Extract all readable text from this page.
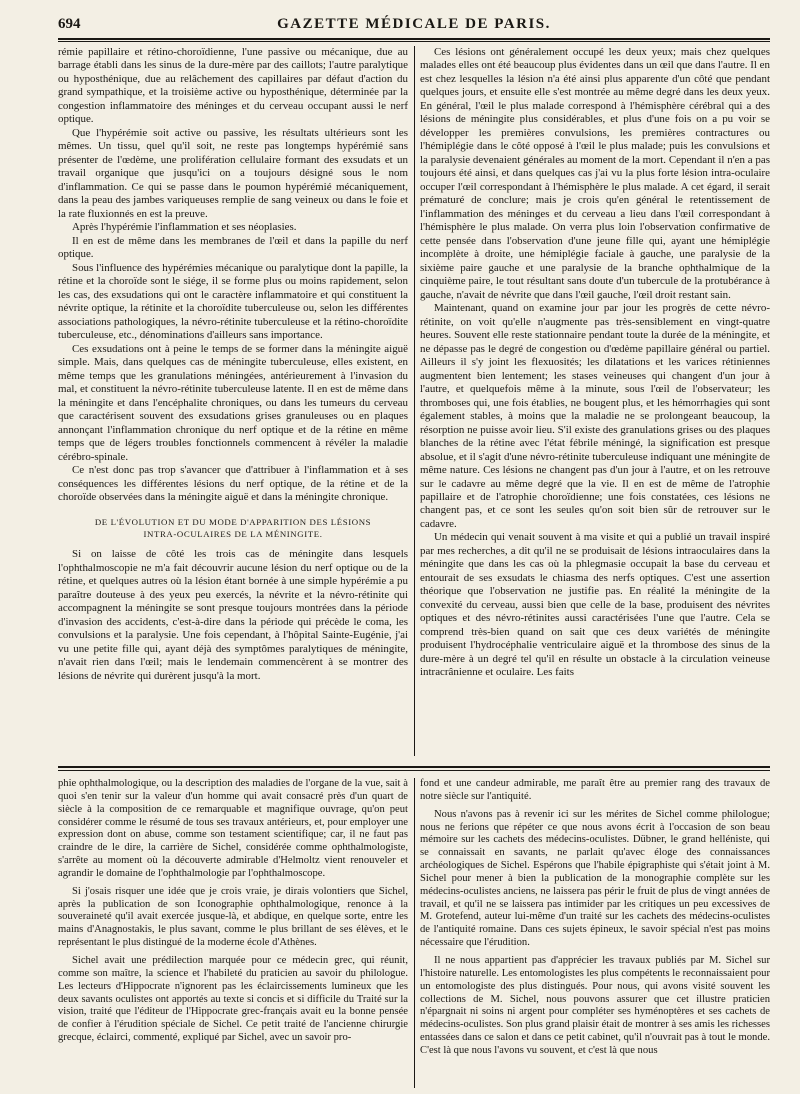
694	GAZETTE MÉDICALE DE PARIS.

rémie papillaire et rétino-choroïdienne, l'une passive ou mécanique, due au barrage établi dans les sinus de la dure-mère par des caillots; l'autre paralytique ou hyposthénique, due au relâchement des capillaires par défaut d'action du grand sympathique, et la troisième active ou hyposthénique, déterminée par la congestion inflammatoire des méninges et du cerveau occupant aussi le nerf optique.

Que l'hypérémie soit active ou passive, les résultats ultérieurs sont les mêmes. Un tissu, quel qu'il soit, ne reste pas longtemps hypérémié sans présenter de l'œdème, une prolifération cellulaire formant des exsudats et un travail organique que jusqu'ici on a toujours désigné sous le nom d'inflammation. Ce qui se passe dans le poumon hypérémié mécaniquement, dans la peau des jambes variqueuses remplie de sang veineux ou dans le foie et la rate fluxionnés en est la preuve.

Après l'hypérémie l'inflammation et ses néoplasies.

Il en est de même dans les membranes de l'œil et dans la papille du nerf optique.

Sous l'influence des hypérémies mécanique ou paralytique dont la papille, la rétine et la choroïde sont le siége, il se forme plus ou moins rapidement, selon les cas, des exsudations qui ont le caractère inflammatoire et qui constituent la névrite optique, la rétinite et la choroïdite tuberculeuse ou, selon les différentes associations pathologiques, la névro-rétinite tuberculeuse et la rétino-choroïdite tuberculeuse, etc., dénominations d'ailleurs sans importance.

Ces exsudations ont à peine le temps de se former dans la méningite aiguë simple. Mais, dans quelques cas de méningite tuberculeuse, elles existent, en même temps que les granulations méningées, antérieurement à l'invasion du mal, et constituent la névro-rétinite tuberculeuse latente. Il en est de même dans la méningite et dans l'encéphalite chroniques, ou dans les tumeurs du cerveau que caractérisent souvent des exsudations grises granuleuses ou en plaques annonçant l'inflammation chronique du nerf optique et de la rétine en même temps que de légers troubles fonctionnels commencent à révéler la maladie cérébro-spinale.

Ce n'est donc pas trop s'avancer que d'attribuer à l'inflammation et à ses conséquences les différentes lésions du nerf optique, de la rétine et de la choroïde observées dans la méningite aiguë et dans la méningite chronique.

DE L'ÉVOLUTION ET DU MODE D'APPARITION DES LÉSIONS
INTRA-OCULAIRES DE LA MÉNINGITE.

Si on laisse de côté les trois cas de méningite dans lesquels l'ophthalmoscopie ne m'a fait découvrir aucune lésion du nerf optique ou de la rétine, et quelques autres où la lésion étant bornée à une simple hypérémie a pu paraître douteuse à des yeux peu exercés, la névrite et la névro-rétinite qui accompagnent la méningite se sont presque toujours montrées dans la période d'invasion des accidents, c'est-à-dire dans la période qui précède le coma, les convulsions et la paralysie. Une fois cependant, à l'hôpital Sainte-Eugénie, j'ai vu une petite fille qui, ayant déjà des symptômes paralytiques de méningite, n'avait rien dans l'œil; mais le lendemain commencèrent à se montrer des lésions de névrite qui durèrent jusqu'à la mort.

Ces lésions ont généralement occupé les deux yeux; mais chez quelques malades elles ont été beaucoup plus évidentes dans un œil que dans l'autre. Il en est chez lesquelles la lésion n'a été ainsi plus apparente d'un côté que pendant quelques jours, et ensuite elle s'est montrée au même degré dans les deux yeux. En général, l'œil le plus malade correspond à l'hémisphère cérébral qui a des lésions de méningite plus considérables, et plus d'une fois on a pu voir se développer les premières convulsions, les premières contractures ou l'hémiplégie dans le côté opposé à l'œil le plus malade; puis les convulsions et la paralysie devenaient générales au moment de la mort. Cependant il n'en a pas toujours été ainsi, et dans quelques cas j'ai vu la plus forte lésion intra-oculaire occuper l'œil correspondant à l'hémisphère le plus malade. A cet égard, il serait prématuré de conclure; mais je crois qu'en général le retentissement de l'inflammation des méninges et du cerveau a lieu dans l'œil correspondant à l'hémisphère le plus malade. On verra plus loin l'observation confirmative de cette pensée dans l'observation d'une jeune fille qui, ayant une hémiplégie incomplète à droite, une hémiplégie faciale à gauche, une paralysie de la sixième paire gauche et une paralysie de la branche ophthalmique de la cinquième paire, le tout résultant sans doute d'un tubercule de la protubérance à gauche, n'avait de névrite que dans l'œil gauche, l'œil droit restant sain.

Maintenant, quand on examine jour par jour les progrès de cette névro-rétinite, on voit qu'elle n'augmente pas très-sensiblement en vingt-quatre heures. Souvent elle reste stationnaire pendant toute la durée de la méningite, et ne dépasse pas le degré de congestion ou d'œdème papillaire général ou partiel. Ailleurs il s'y joint les flexuosités; les dilatations et les varices rétiniennes augmentent bien lentement; les stases veineuses qui changent d'un jour à l'autre, et quelquefois même à la minute, sous l'œil de l'observateur; les thromboses qui, une fois établies, ne bougent plus, et les hémorrhagies qui sont également stables, à moins que la maladie ne se prolongeant beaucoup, la résorption ne puisse avoir lieu. S'il existe des granulations grises ou des plaques blanches de la rétine avec l'état fébrile méningé, la signification est presque absolue, et il s'agit d'une névro-rétinite tuberculeuse indiquant une méningite de même nature. Ces lésions ne changent pas d'un jour à l'autre, et on les retrouve sur le cadavre au même degré que la vie. Il en est de même de l'atrophie papillaire et de l'atrophie choroïdienne; une fois constatées, ces lésions ne changent pas, et ce sont les seules qu'on soit bien sûr de retrouver sur le cadavre.

Un médecin qui venait souvent à ma visite et qui a publié un travail inspiré par mes recherches, a dit qu'il ne se produisait de lésions intraoculaires dans la méningite que dans les cas où la phlegmasie occupait la base du cerveau et entourait de ses exsudats le chiasma des nerfs optiques. C'est une assertion théorique que l'observation ne justifie pas. En réalité la méningite de la convexité du cerveau, aussi bien que celle de la base, produisent des névrites optiques et des névro-rétinites aussi caractérisées l'une que l'autre. Cela se comprend très-bien quand on sait que ces deux variétés de méningite produisent l'hydrocéphalie ventriculaire aiguë et la thrombose des sinus de la dure-mère à un degré tel qu'il en résulte un obstacle à la circulation veineuse intracrânienne et oculaire. Les faits

phie ophthalmologique, ou la description des maladies de l'organe de la vue, sait à quoi s'en tenir sur la valeur d'un homme qui avait consacré près d'un quart de siècle à la composition de ce remarquable et magnifique ouvrage, qu'on peut considérer comme le résumé de tous ses travaux antérieurs, et, pour employer une expression dont on abuse, comme son testament scientifique; car, il ne faut pas craindre de le dire, la carrière de Sichel, considérée comme ophthalmologiste, s'arrête au moment où la découverte admirable d'Helmoltz vient renouveler et agrandir le domaine de l'ophthalmologie par l'ophthalmoscope.

Si j'osais risquer une idée que je crois vraie, je dirais volontiers que Sichel, après la publication de son Iconographie ophthalmologique, renonce à la souveraineté qu'il avait exercée jusque-là, et abdique, en quelque sorte, entre les mains d'Anagnostakis, le plus savant, comme le plus brillant de ses élèves, et le représentant le plus distingué de la moderne école d'Athènes.

Sichel avait une prédilection marquée pour ce médecin grec, qui réunit, comme son maître, la science et l'habileté du praticien au savoir du philologue. Les lecteurs d'Hippocrate n'ignorent pas les éclaircissements lumineux que les deux savants oculistes ont apportés au texte si concis et si difficile du Traité sur la vision, traité que l'éditeur de l'Hippocrate grec-français avait eu la bonne pensée de confier à l'érudition spéciale de Sichel. Ce petit traité de l'ancienne chirurgie grecque, éclairci, commenté, expliqué par Sichel, avec un savoir pro-

fond et une candeur admirable, me paraît être au premier rang des travaux de notre siècle sur l'antiquité.

Nous n'avons pas à revenir ici sur les mérites de Sichel comme philologue; nous ne ferions que répéter ce que nous avons écrit à l'occasion de son beau mémoire sur les cachets des médecins-oculistes. Dübner, le grand helléniste, qui se connaissait en savants, ne parlait qu'avec éloge des connaissances archéologiques de Sichel. Espérons que l'habile épigraphiste qui s'était joint à M. Sichel pour mener à bien la publication de la monographie complète sur les médecins-oculistes anciens, ne laissera pas périr le fruit de plus de vingt années de travail, et qu'il ne se laissera pas intimider par les critiques un peu excessives de M. Grotefend, auteur lui-même d'un traité sur les cachets des médecins-oculistes de l'antiquité romaine. Dans ces sujets épineux, le savoir spécial n'est pas moins nécessaire que l'érudition.

Il ne nous appartient pas d'apprécier les travaux publiés par M. Sichel sur l'histoire naturelle. Les entomologistes les plus compétents le reconnaissaient pour un entomologiste des plus distingués. Pour nous, qui avons visité souvent les collections de M. Sichel, nous pouvons assurer que cet illustre praticien n'épargnait ni soins ni argent pour compléter ses hyménoptères et ses cachets de médecins-oculistes. Son plus grand plaisir était de montrer à ses amis les richesses entassées dans ce salon et dans ce petit cabinet, qu'il n'ouvrait pas à tout le monde. C'est là que nous l'avons vu souvent, et c'est là que nous
